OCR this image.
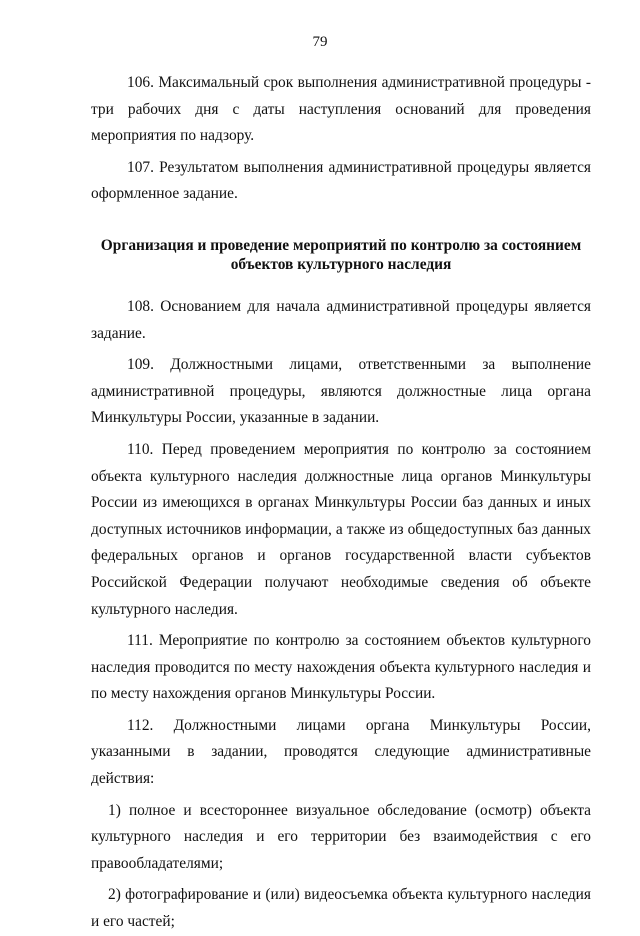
79

106. Максимальный срок выполнения административной процедуры - три рабочих дня с даты наступления оснований для проведения мероприятия по надзору.

107. Результатом выполнения административной процедуры является оформленное задание.

Организация и проведение мероприятий по контролю за состоянием
объектов культурного наследия

108. Основанием для начала административной процедуры является задание.

109. Должностными лицами, ответственными за выполнение административной процедуры, являются должностные лица органа Минкультуры России, указанные в задании.

110. Перед проведением мероприятия по контролю за состоянием объекта культурного наследия должностные лица органов Минкультуры России из имеющихся в органах Минкультуры России баз данных и иных доступных источников информации, а также из общедоступных баз данных федеральных органов и органов государственной власти субъектов Российской Федерации получают необходимые сведения об объекте культурного наследия.

111. Мероприятие по контролю за состоянием объектов культурного наследия проводится по месту нахождения объекта культурного наследия и по месту нахождения органов Минкультуры России.

112. Должностными лицами органа Минкультуры России, указанными в задании, проводятся следующие административные действия:

1) полное и всестороннее визуальное обследование (осмотр) объекта культурного наследия и его территории без взаимодействия с его правообладателями;

2) фотографирование и (или) видеосъемка объекта культурного наследия и его частей;
